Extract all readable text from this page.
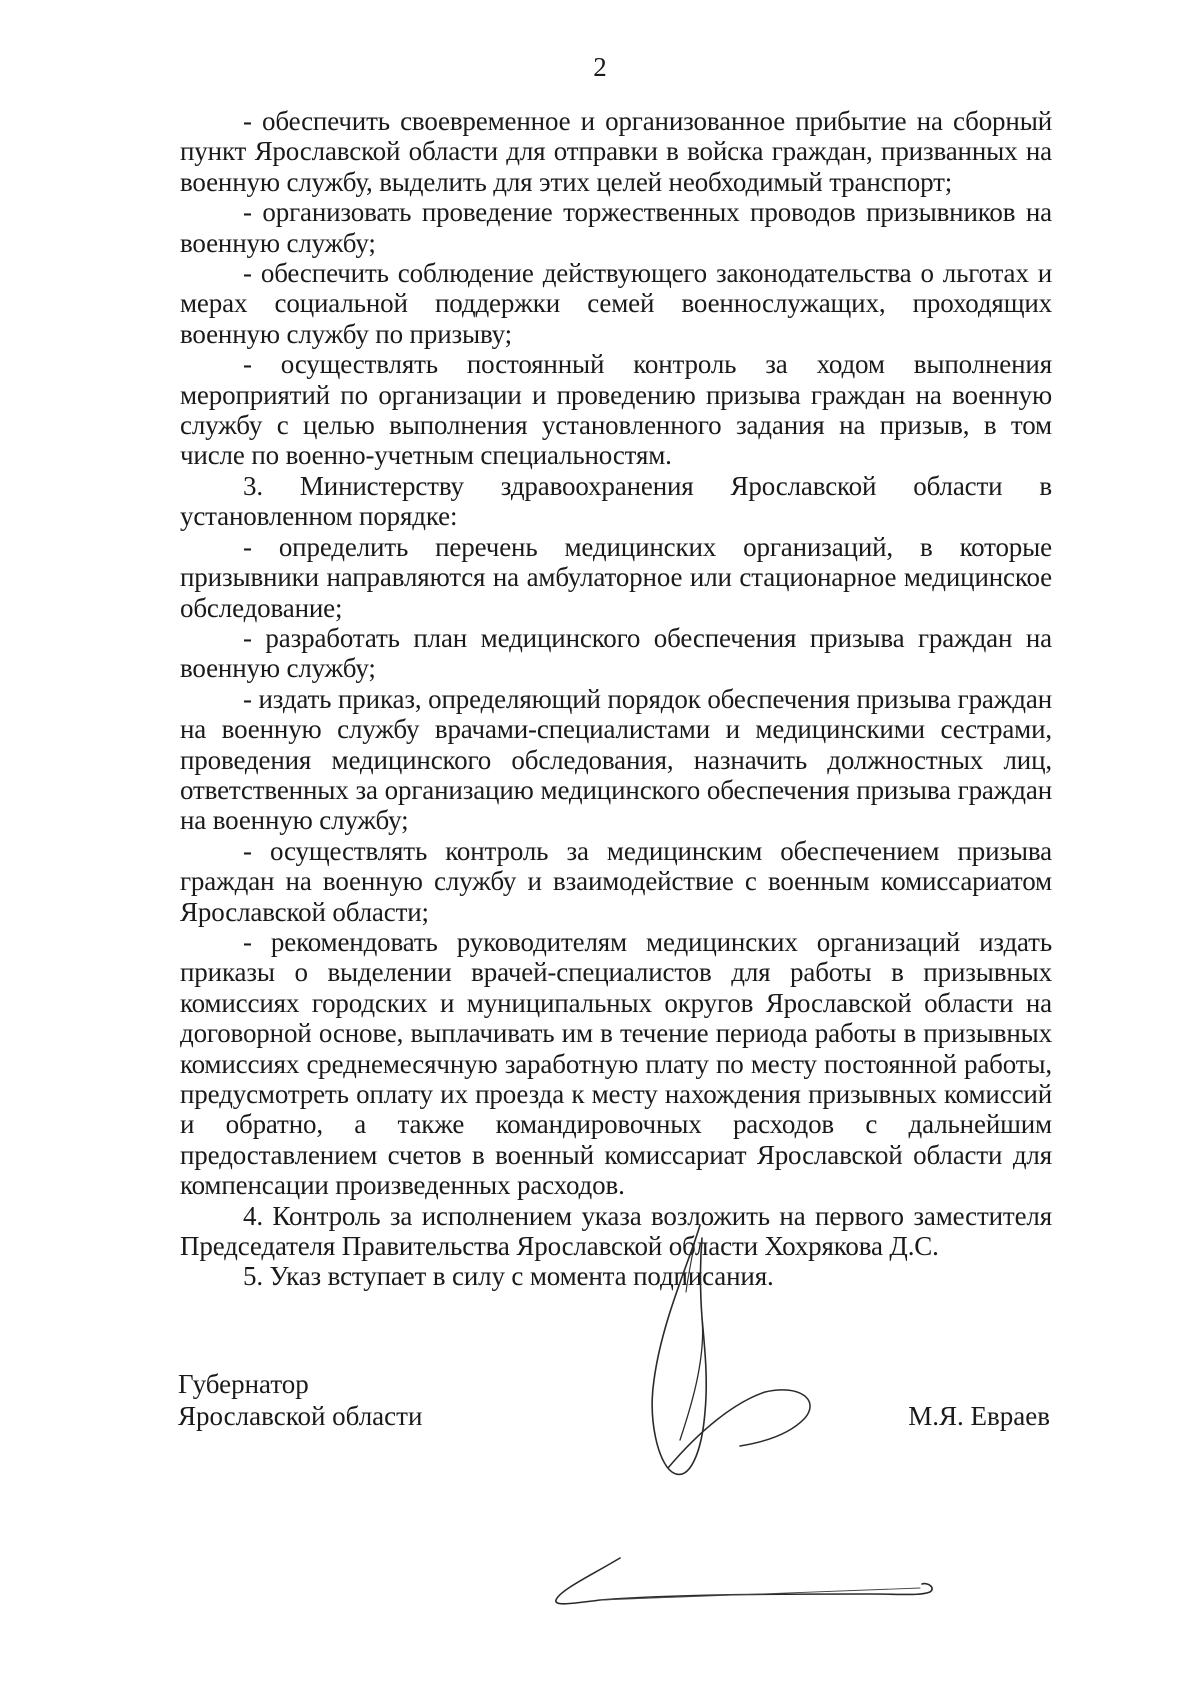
2

- обеспечить своевременное и организованное прибытие на сборный пункт Ярославской области для отправки в войска граждан, призванных на военную службу, выделить для этих целей необходимый транспорт;

- организовать проведение торжественных проводов призывников на военную службу;

- обеспечить соблюдение действующего законодательства о льготах и мерах социальной поддержки семей военнослужащих, проходящих военную службу по призыву;

- осуществлять постоянный контроль за ходом выполнения мероприятий по организации и проведению призыва граждан на военную службу с целью выполнения установленного задания на призыв, в том числе по военно-учетным специальностям.

3. Министерству здравоохранения Ярославской области в установленном порядке:

- определить перечень медицинских организаций, в которые призывники направляются на амбулаторное или стационарное медицинское обследование;

- разработать план медицинского обеспечения призыва граждан на военную службу;

- издать приказ, определяющий порядок обеспечения призыва граждан на военную службу врачами-специалистами и медицинскими сестрами, проведения медицинского обследования, назначить должностных лиц, ответственных за организацию медицинского обеспечения призыва граждан на военную службу;

- осуществлять контроль за медицинским обеспечением призыва граждан на военную службу и взаимодействие с военным комиссариатом Ярославской области;

- рекомендовать руководителям медицинских организаций издать приказы о выделении врачей-специалистов для работы в призывных комиссиях городских и муниципальных округов Ярославской области на договорной основе, выплачивать им в течение периода работы в призывных комиссиях среднемесячную заработную плату по месту постоянной работы, предусмотреть оплату их проезда к месту нахождения призывных комиссий и обратно, а также командировочных расходов с дальнейшим предоставлением счетов в военный комиссариат Ярославской области для компенсации произведенных расходов.

4. Контроль за исполнением указа возложить на первого заместителя Председателя Правительства Ярославской области Хохрякова Д.С.

5. Указ вступает в силу с момента подписания.

Губернатор
Ярославской области	М.Я. Евраев
